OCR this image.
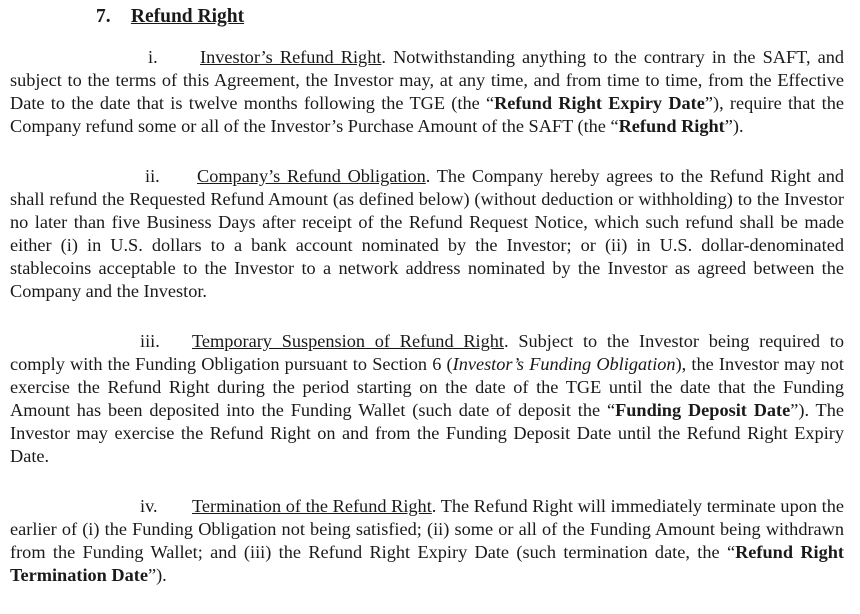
7. Refund Right

i. Investor’s Refund Right. Notwithstanding anything to the contrary in the SAFT, and subject to the terms of this Agreement, the Investor may, at any time, and from time to time, from the Effective Date to the date that is twelve months following the TGE (the “Refund Right Expiry Date”), require that the Company refund some or all of the Investor’s Purchase Amount of the SAFT (the “Refund Right”).

ii. Company’s Refund Obligation. The Company hereby agrees to the Refund Right and shall refund the Requested Refund Amount (as defined below) (without deduction or withholding) to the Investor no later than five Business Days after receipt of the Refund Request Notice, which such refund shall be made either (i) in U.S. dollars to a bank account nominated by the Investor; or (ii) in U.S. dollar-denominated stablecoins acceptable to the Investor to a network address nominated by the Investor as agreed between the Company and the Investor.

iii. Temporary Suspension of Refund Right. Subject to the Investor being required to comply with the Funding Obligation pursuant to Section 6 (Investor’s Funding Obligation), the Investor may not exercise the Refund Right during the period starting on the date of the TGE until the date that the Funding Amount has been deposited into the Funding Wallet (such date of deposit the “Funding Deposit Date”). The Investor may exercise the Refund Right on and from the Funding Deposit Date until the Refund Right Expiry Date.

iv. Termination of the Refund Right. The Refund Right will immediately terminate upon the earlier of (i) the Funding Obligation not being satisfied; (ii) some or all of the Funding Amount being withdrawn from the Funding Wallet; and (iii) the Refund Right Expiry Date (such termination date, the “Refund Right Termination Date”).
